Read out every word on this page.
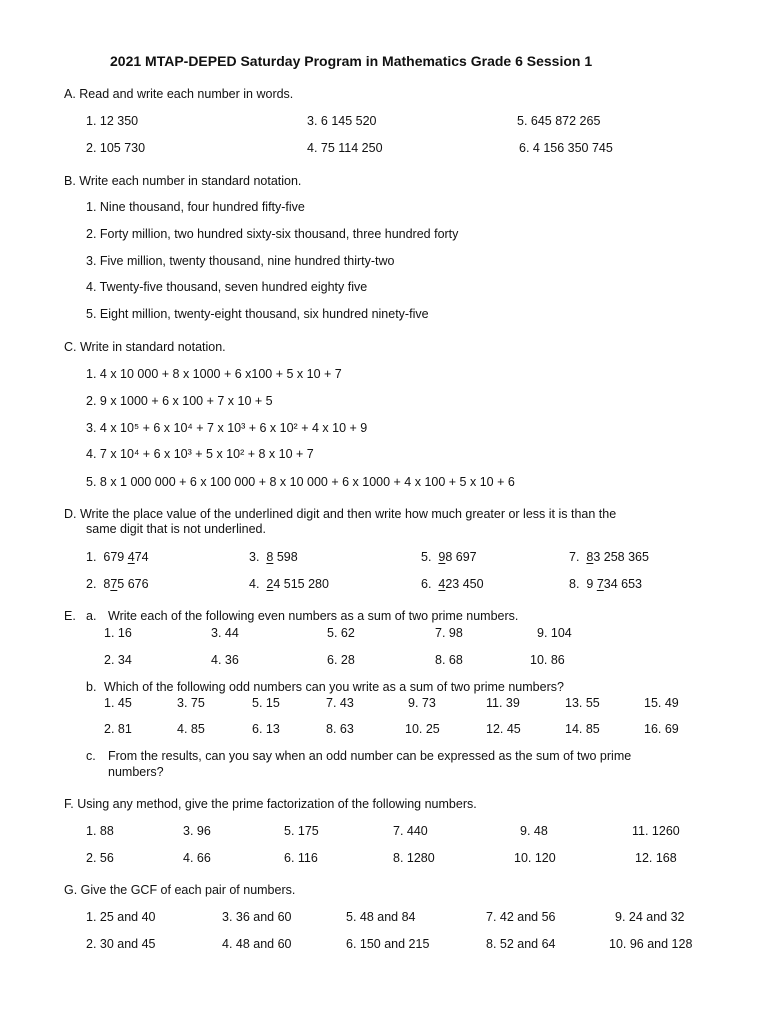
2021 MTAP-DEPED Saturday Program in Mathematics Grade 6 Session 1
A. Read and write each number in words.
1. 12 350	3. 6 145 520	5. 645 872 265
2. 105 730	4. 75 114 250	6. 4 156 350 745
B. Write each number in standard notation.
1. Nine thousand, four hundred fifty-five
2. Forty million, two hundred sixty-six thousand, three hundred forty
3. Five million, twenty thousand, nine hundred thirty-two
4. Twenty-five thousand, seven hundred eighty five
5. Eight million, twenty-eight thousand, six hundred ninety-five
C. Write in standard notation.
1. 4 x 10 000 + 8 x 1000 + 6 x100 + 5 x 10 + 7
2. 9 x 1000 + 6 x 100 + 7 x 10 + 5
3. 4 x 10⁵ + 6 x 10⁴ + 7 x 10³ + 6 x 10² + 4 x 10 + 9
4. 7 x 10⁴ + 6 x 10³ + 5 x 10² + 8 x 10 + 7
5. 8 x 1 000 000 + 6 x 100 000 + 8 x 10 000 + 6 x 1000 + 4 x 100 + 5 x 10 + 6
D. Write the place value of the underlined digit and then write how much greater or less it is than the
same digit that is not underlined.
1. 679 474	3. 8 598	5. 98 697	7. 83 258 365
2. 875 676	4. 24 515 280	6. 423 450	8. 9 734 653
E. a. Write each of the following even numbers as a sum of two prime numbers.
1. 16	3. 44	5. 62	7. 98	9. 104
2. 34	4. 36	6. 28	8. 68	10. 86
b. Which of the following odd numbers can you write as a sum of two prime numbers?
1. 45	3. 75	5. 15	7. 43	9. 73	11. 39	13. 55	15. 49
2. 81	4. 85	6. 13	8. 63	10. 25	12. 45	14. 85	16. 69
c. From the results, can you say when an odd number can be expressed as the sum of two prime
numbers?
F. Using any method, give the prime factorization of the following numbers.
1. 88	3. 96	5. 175	7. 440	9. 48	11. 1260
2. 56	4. 66	6. 116	8. 1280	10. 120	12. 168
G. Give the GCF of each pair of numbers.
1. 25 and 40	3. 36 and 60	5. 48 and 84	7. 42 and 56	9. 24 and 32
2. 30 and 45	4. 48 and 60	6. 150 and 215	8. 52 and 64	10. 96 and 128
